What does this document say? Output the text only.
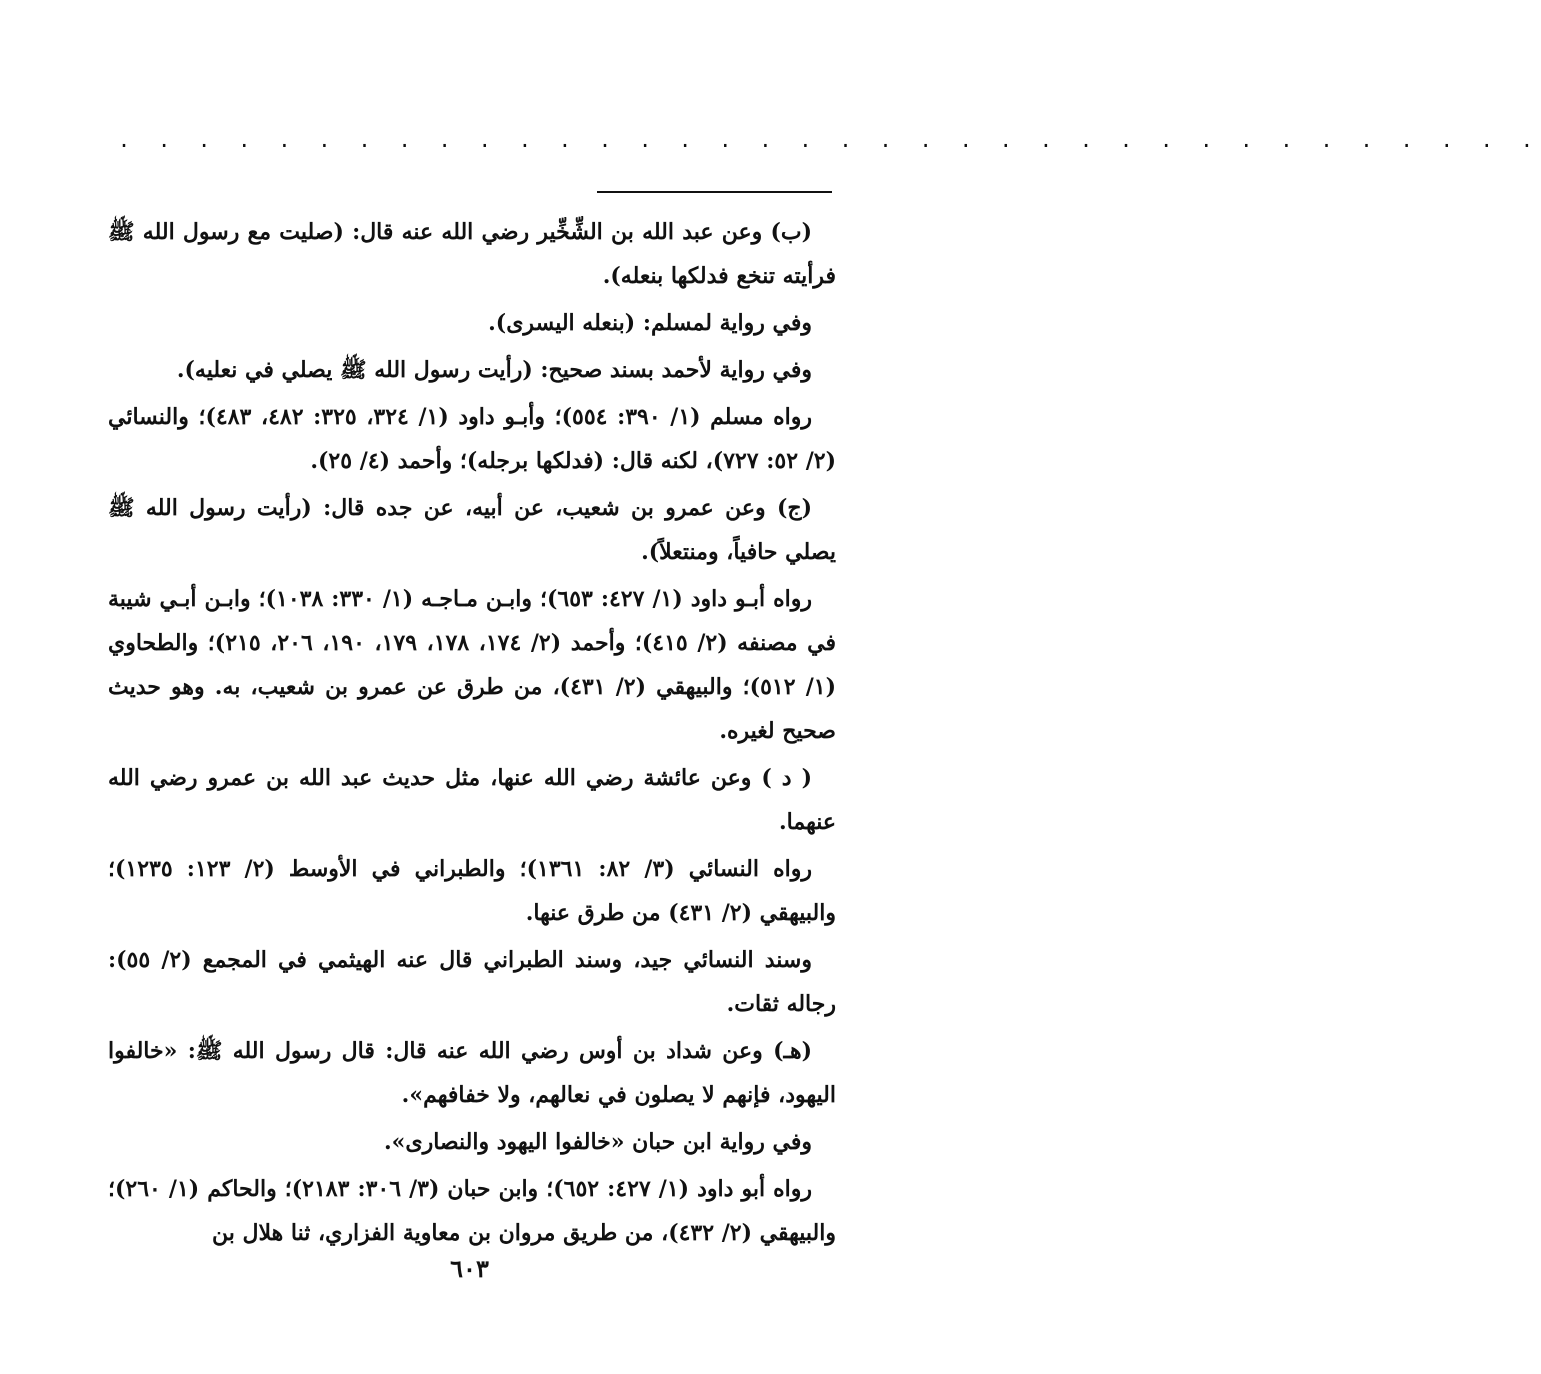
. . . . . . . . . . . . . . . . . . . . . . . . . . . . . . . . . . . .

(ب) وعن عبد الله بن الشِّخِّير رضي الله عنه قال: (صليت مع رسول الله ﷺ فرأيته تنخع فدلكها بنعله).

وفي رواية لمسلم: (بنعله اليسرى).

وفي رواية لأحمد بسند صحيح: (رأيت رسول الله ﷺ يصلي في نعليه).

رواه مسلم (١/ ٣٩٠: ٥٥٤)؛ وأبـو داود (١/ ٣٢٤، ٣٢٥: ٤٨٢، ٤٨٣)؛ والنسائي (٢/ ٥٢: ٧٢٧)، لكنه قال: (فدلكها برجله)؛ وأحمد (٤/ ٢٥).

(ج) وعن عمرو بن شعيب، عن أبيه، عن جده قال: (رأيت رسول الله ﷺ يصلي حافياً، ومنتعلاً).

رواه أبـو داود (١/ ٤٢٧: ٦٥٣)؛ وابـن مـاجـه (١/ ٣٣٠: ١٠٣٨)؛ وابـن أبـي شيبة في مصنفه (٢/ ٤١٥)؛ وأحمد (٢/ ١٧٤، ١٧٨، ١٧٩، ١٩٠، ٢٠٦، ٢١٥)؛ والطحاوي (١/ ٥١٢)؛ والبيهقي (٢/ ٤٣١)، من طرق عن عمرو بن شعيب، به. وهو حديث صحيح لغيره.

( د ) وعن عائشة رضي الله عنها، مثل حديث عبد الله بن عمرو رضي الله عنهما.

رواه النسائي (٣/ ٨٢: ١٣٦١)؛ والطبراني في الأوسط (٢/ ١٢٣: ١٢٣٥)؛ والبيهقي (٢/ ٤٣١) من طرق عنها.

وسند النسائي جيد، وسند الطبراني قال عنه الهيثمي في المجمع (٢/ ٥٥): رجاله ثقات.

(هـ) وعن شداد بن أوس رضي الله عنه قال: قال رسول الله ﷺ: «خالفوا اليهود، فإنهم لا يصلون في نعالهم، ولا خفافهم».

وفي رواية ابن حبان «خالفوا اليهود والنصارى».

رواه أبو داود (١/ ٤٢٧: ٦٥٢)؛ وابن حبان (٣/ ٣٠٦: ٢١٨٣)؛ والحاكم (١/ ٢٦٠)؛ والبيهقي (٢/ ٤٣٢)، من طريق مروان بن معاوية الفزاري، ثنا هلال بن

٦٠٣
